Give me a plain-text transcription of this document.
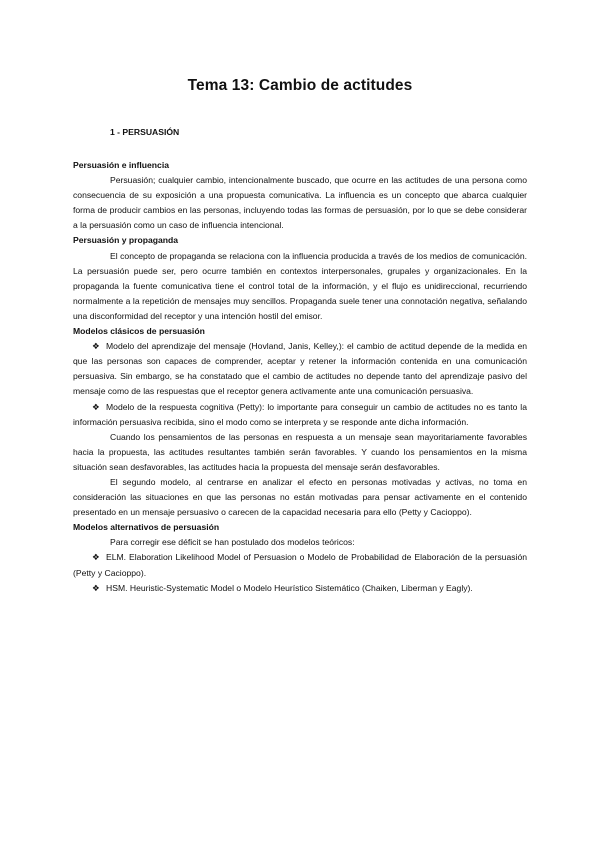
Tema 13: Cambio de actitudes
1 - PERSUASIÓN
Persuasión e influencia

Persuasión; cualquier cambio, intencionalmente buscado, que ocurre en las actitudes de una persona como consecuencia de su exposición a una propuesta comunicativa. La influencia es un concepto que abarca cualquier forma de producir cambios en las personas, incluyendo todas las formas de persuasión, por lo que se debe considerar a la persuasión como un caso de influencia intencional.

Persuasión y propaganda

El concepto de propaganda se relaciona con la influencia producida a través de los medios de comunicación. La persuasión puede ser, pero ocurre también en contextos interpersonales, grupales y organizacionales. En la propaganda la fuente comunicativa tiene el control total de la información, y el flujo es unidireccional, recurriendo normalmente a la repetición de mensajes muy sencillos. Propaganda suele tener una connotación negativa, señalando una disconformidad del receptor y una intención hostil del emisor.

Modelos clásicos de persuasión

❖ Modelo del aprendizaje del mensaje (Hovland, Janis, Kelley,): el cambio de actitud depende de la medida en que las personas son capaces de comprender, aceptar y retener la información contenida en una comunicación persuasiva. Sin embargo, se ha constatado que el cambio de actitudes no depende tanto del aprendizaje pasivo del mensaje como de las respuestas que el receptor genera activamente ante una comunicación persuasiva.

❖ Modelo de la respuesta cognitiva (Petty): lo importante para conseguir un cambio de actitudes no es tanto la información persuasiva recibida, sino el modo como se interpreta y se responde ante dicha información.

Cuando los pensamientos de las personas en respuesta a un mensaje sean mayoritariamente favorables hacia la propuesta, las actitudes resultantes también serán favorables. Y cuando los pensamientos en la misma situación sean desfavorables, las actitudes hacia la propuesta del mensaje serán desfavorables.

El segundo modelo, al centrarse en analizar el efecto en personas motivadas y activas, no toma en consideración las situaciones en que las personas no están motivadas para pensar activamente en el contenido presentado en un mensaje persuasivo o carecen de la capacidad necesaria para ello (Petty y Cacioppo).

Modelos alternativos de persuasión

Para corregir ese déficit se han postulado dos modelos teóricos:

❖ ELM. Elaboration Likelihood Model of Persuasion o Modelo de Probabilidad de Elaboración de la persuasión (Petty y Cacioppo).

❖ HSM. Heuristic-Systematic Model o Modelo Heurístico Sistemático (Chaiken, Liberman y Eagly).
